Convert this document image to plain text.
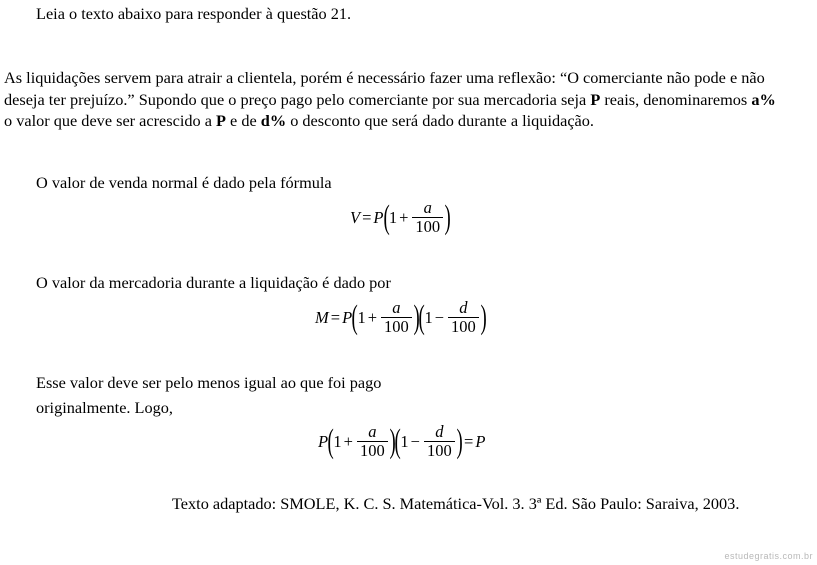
Leia o texto abaixo para responder à questão 21.
As liquidações servem para atrair a clientela, porém é necessário fazer uma reflexão: “O comerciante não pode e não deseja ter prejuízo.” Supondo que o preço pago pelo comerciante por sua mercadoria seja P reais, denominaremos a% o valor que deve ser acrescido a P e de d% o desconto que será dado durante a liquidação.
O valor de venda normal é dado pela fórmula
V = P ( $1 + \frac{a}{100}$ )
O valor da mercadoria durante a liquidação é dado por
M = P ( $1 + \frac{a}{100}$ ) ( $1 - \frac{d}{100}$ )
Esse valor deve ser pelo menos igual ao que foi pago
originalmente. Logo,
P ( $1 + \frac{a}{100}$ ) ( $1 - \frac{d}{100}$ ) = P
Texto adaptado: SMOLE, K. C. S. Matemática-Vol. 3. 3ª Ed. São Paulo: Saraiva, 2003.
estudegratis.com.br
